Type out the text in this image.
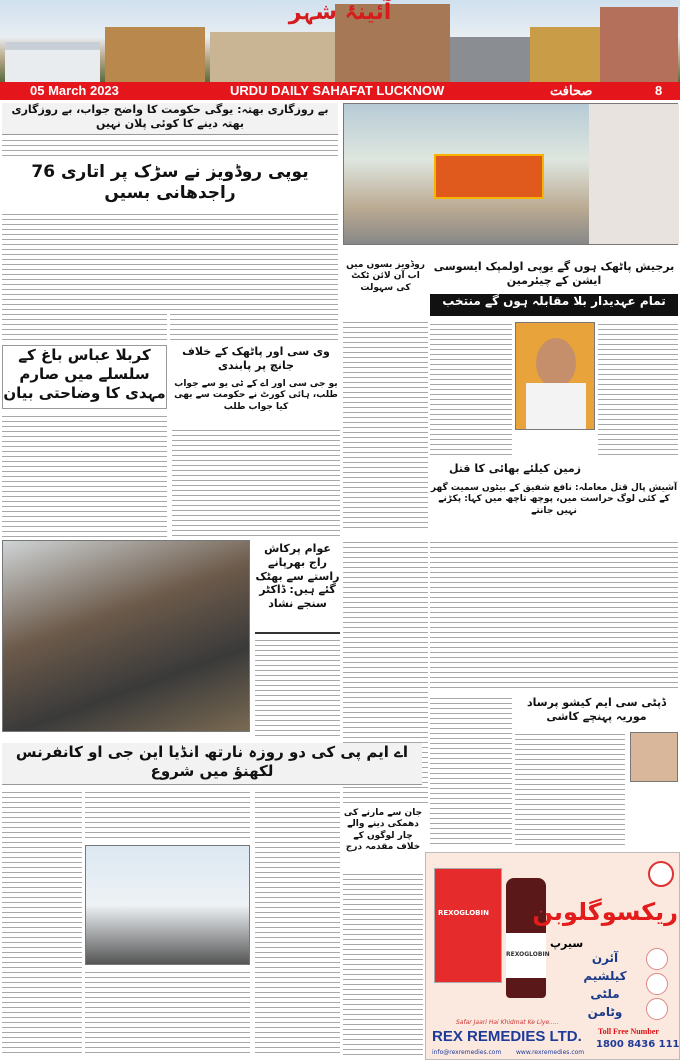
آئینۂ شہر
05 March 2023	URDU DAILY SAHAFAT LUCKNOW	صحافت	8
بے روزگاری بھتہ: یوگی حکومت کا واضح جواب، بے روزگاری بھتہ دینے کا کوئی پلان نہیں
یوپی روڈویز نے سڑک پر اتاری 76 راجدھانی بسیں
روڈویز بسوں میں اب آن لائن ٹکٹ کی سہولت
برجیش پاٹھک ہوں گے یوپی اولمپک ایسوسی ایشن کے چیئرمین
تمام عہدیدار بلا مقابلہ ہوں گے منتخب
زمین کیلئے بھائی کا قتل
آشیش پال قتل معاملہ: نافع شفیق کے بیٹوں سمیت گھر کے کئی لوگ حراست میں، پوچھ تاچھ میں کہا: پکڑنے نہیں جانتے
کربلا عباس باغ کے سلسلے میں صارم مہدی کا وضاحتی بیان
وی سی اور پاٹھک کے خلاف جانچ پر پابندی
یو جی سی اور اے کے ٹی یو سے جواب طلب، ہائی کورٹ نے حکومت سے بھی کیا جواب طلب
عوام پرکاش راج بھرپانے راستے سے بھٹک گئے ہیں: ڈاکٹر سنجے نشاد
ڈپٹی سی ایم کیشو پرساد موریہ پہنچے کاشی
اے ایم پی کی دو روزہ نارتھ انڈیا این جی او کانفرنس لکھنؤ میں شروع
جان سے مارنے کی دھمکی دینے والے چار لوگوں کے خلاف مقدمہ درج
REXOGLOBIN
REXOGLOBIN
ریکسوگلوبن
سیرپ
آئرن
کیلشیم
ملٹی وٹامن
Safar Jaari Hai Khidmat Ke Liye.....
REX REMEDIES LTD. Toll Free Number
1800 8436 111
info@rexremedies.com www.rexremedies.com
